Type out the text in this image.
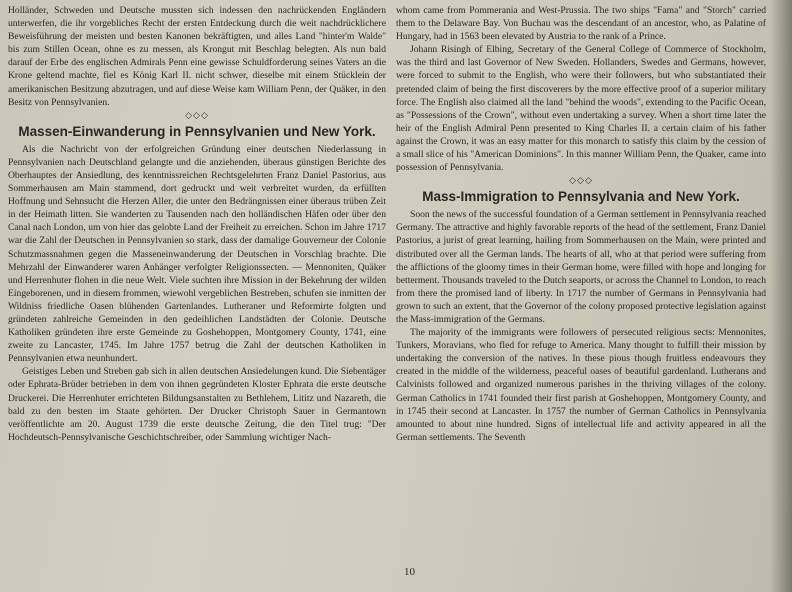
Holländer, Schweden und Deutsche mussten sich indessen den nachrückenden Engländern unterwerfen, die ihr vorgebliches Recht der ersten Entdeckung durch die weit nachdrücklichere Beweisführung der meisten und besten Kanonen bekräftigten, und alles Land "hinter'm Walde" bis zum Stillen Ocean, ohne es zu messen, als Krongut mit Beschlag belegten. Als nun bald darauf der Erbe des englischen Admirals Penn eine gewisse Schuldforderung seines Vaters an die Krone geltend machte, fiel es König Karl II. nicht schwer, dieselbe mit einem Stücklein der amerikanischen Besitzung abzutragen, und auf diese Weise kam William Penn, der Quäker, in den Besitz von Pennsylvanien.

◇◇◇
Massen-Einwanderung in Pennsylvanien und New York.

Als die Nachricht von der erfolgreichen Gründung einer deutschen Niederlassung in Pennsylvanien nach Deutschland gelangte und die anziehenden, überaus günstigen Berichte des Oberhauptes der Ansiedlung, des kenntnissreichen Rechtsgelehrten Franz Daniel Pastorius, aus Sommerhausen am Main stammend, dort gedruckt und weit verbreitet wurden, da erfüllten Hoffnung und Sehnsucht die Herzen Aller, die unter den Bedrängnissen einer überaus trüben Zeit in der Heimath litten. Sie wanderten zu Tausenden nach den holländischen Häfen oder über den Canal nach London, um von hier das gelobte Land der Freiheit zu erreichen. Schon im Jahre 1717 war die Zahl der Deutschen in Pennsylvanien so stark, dass der damalige Gouverneur der Colonie Schutzmassnahmen gegen die Masseneinwanderung der Deutschen in Vorschlag brachte. Die Mehrzahl der Einwanderer waren Anhänger verfolgter Religionssecten. — Mennoniten, Quäker und Herrenhuter flohen in die neue Welt. Viele suchten ihre Mission in der Bekehrung der wilden Eingeborenen, und in diesem frommen, wiewohl vergeblichen Bestreben, schufen sie inmitten der Wildniss friedliche Oasen blühenden Gartenlandes. Lutheraner und Reformirte folgten und gründeten zahlreiche Gemeinden in den gedeihlichen Landstädten der Colonie. Deutsche Katholiken gründeten ihre erste Gemeinde zu Goshehoppen, Montgomery County, 1741, eine zweite zu Lancaster, 1745. Im Jahre 1757 betrug die Zahl der deutschen Katholiken in Pennsylvanien etwa neunhundert.

Geistiges Leben und Streben gab sich in allen deutschen Ansiedelungen kund. Die Siebentäger oder Ephrata-Brüder betrieben in dem von ihnen gegründeten Kloster Ephrata die erste deutsche Druckerei. Die Herrenhuter errichteten Bildungsanstalten zu Bethlehem, Lititz und Nazareth, die bald zu den besten im Staate gehörten. Der Drucker Christoph Sauer in Germantown veröffentlichte am 20. August 1739 die erste deutsche Zeitung, die den Titel trug: "Der Hochdeutsch-Pennsylvanische Geschichtschreiber, oder Sammlung wichtiger Nach-

whom came from Pommerania and West-Prussia. The two ships "Fama" and "Storch" carried them to the Delaware Bay. Von Buchau was the descendant of an ancestor, who, as Palatine of Hungary, had in 1563 been elevated by Austria to the rank of a Prince.

Johann Risingh of Elbing, Secretary of the General College of Commerce of Stockholm, was the third and last Governor of New Sweden. Hollanders, Swedes and Germans, however, were forced to submit to the English, who were their followers, but who substantiated their pretended claim of being the first discoverers by the more effective proof of a superior military force. The English also claimed all the land "behind the woods", extending to the Pacific Ocean, as "Possessions of the Crown", without even undertaking a survey. When a short time later the heir of the English Admiral Penn presented to King Charles II. a certain claim of his father against the Crown, it was an easy matter for this monarch to satisfy this claim by the cession of a small slice of his "American Dominions". In this manner William Penn, the Quaker, came into possession of Pennsylvania.

◇◇◇
Mass-Immigration to Pennsylvania and New York.

Soon the news of the successful foundation of a German settlement in Pennsylvania reached Germany. The attractive and highly favorable reports of the head of the settlement, Franz Daniel Pastorius, a jurist of great learning, hailing from Sommerhausen on the Main, were printed and distributed over all the German lands. The hearts of all, who at that period were suffering from the afflictions of the gloomy times in their German home, were filled with hope and longing for betterment. Thousands traveled to the Dutch seaports, or across the Channel to London, to reach from there the promised land of liberty. In 1717 the number of Germans in Pennsylvania had grown to such an extent, that the Governor of the colony proposed protective legislation against the Mass-immigration of the Germans.

The majority of the immigrants were followers of persecuted religious sects: Mennonites, Tunkers, Moravians, who fled for refuge to America. Many thought to fulfill their mission by undertaking the conversion of the natives. In these pious though fruitless endeavours they created in the middle of the wilderness, peaceful oases of beautiful gardenland. Lutherans and Calvinists followed and organized numerous parishes in the thriving villages of the colony. German Catholics in 1741 founded their first parish at Goshehoppen, Montgomery County, and in 1745 their second at Lancaster. In 1757 the number of German Catholics in Pennsylvania amounted to about nine hundred. Signs of intellectual life and activity appeared in all the German settlements. The Seventh

10
